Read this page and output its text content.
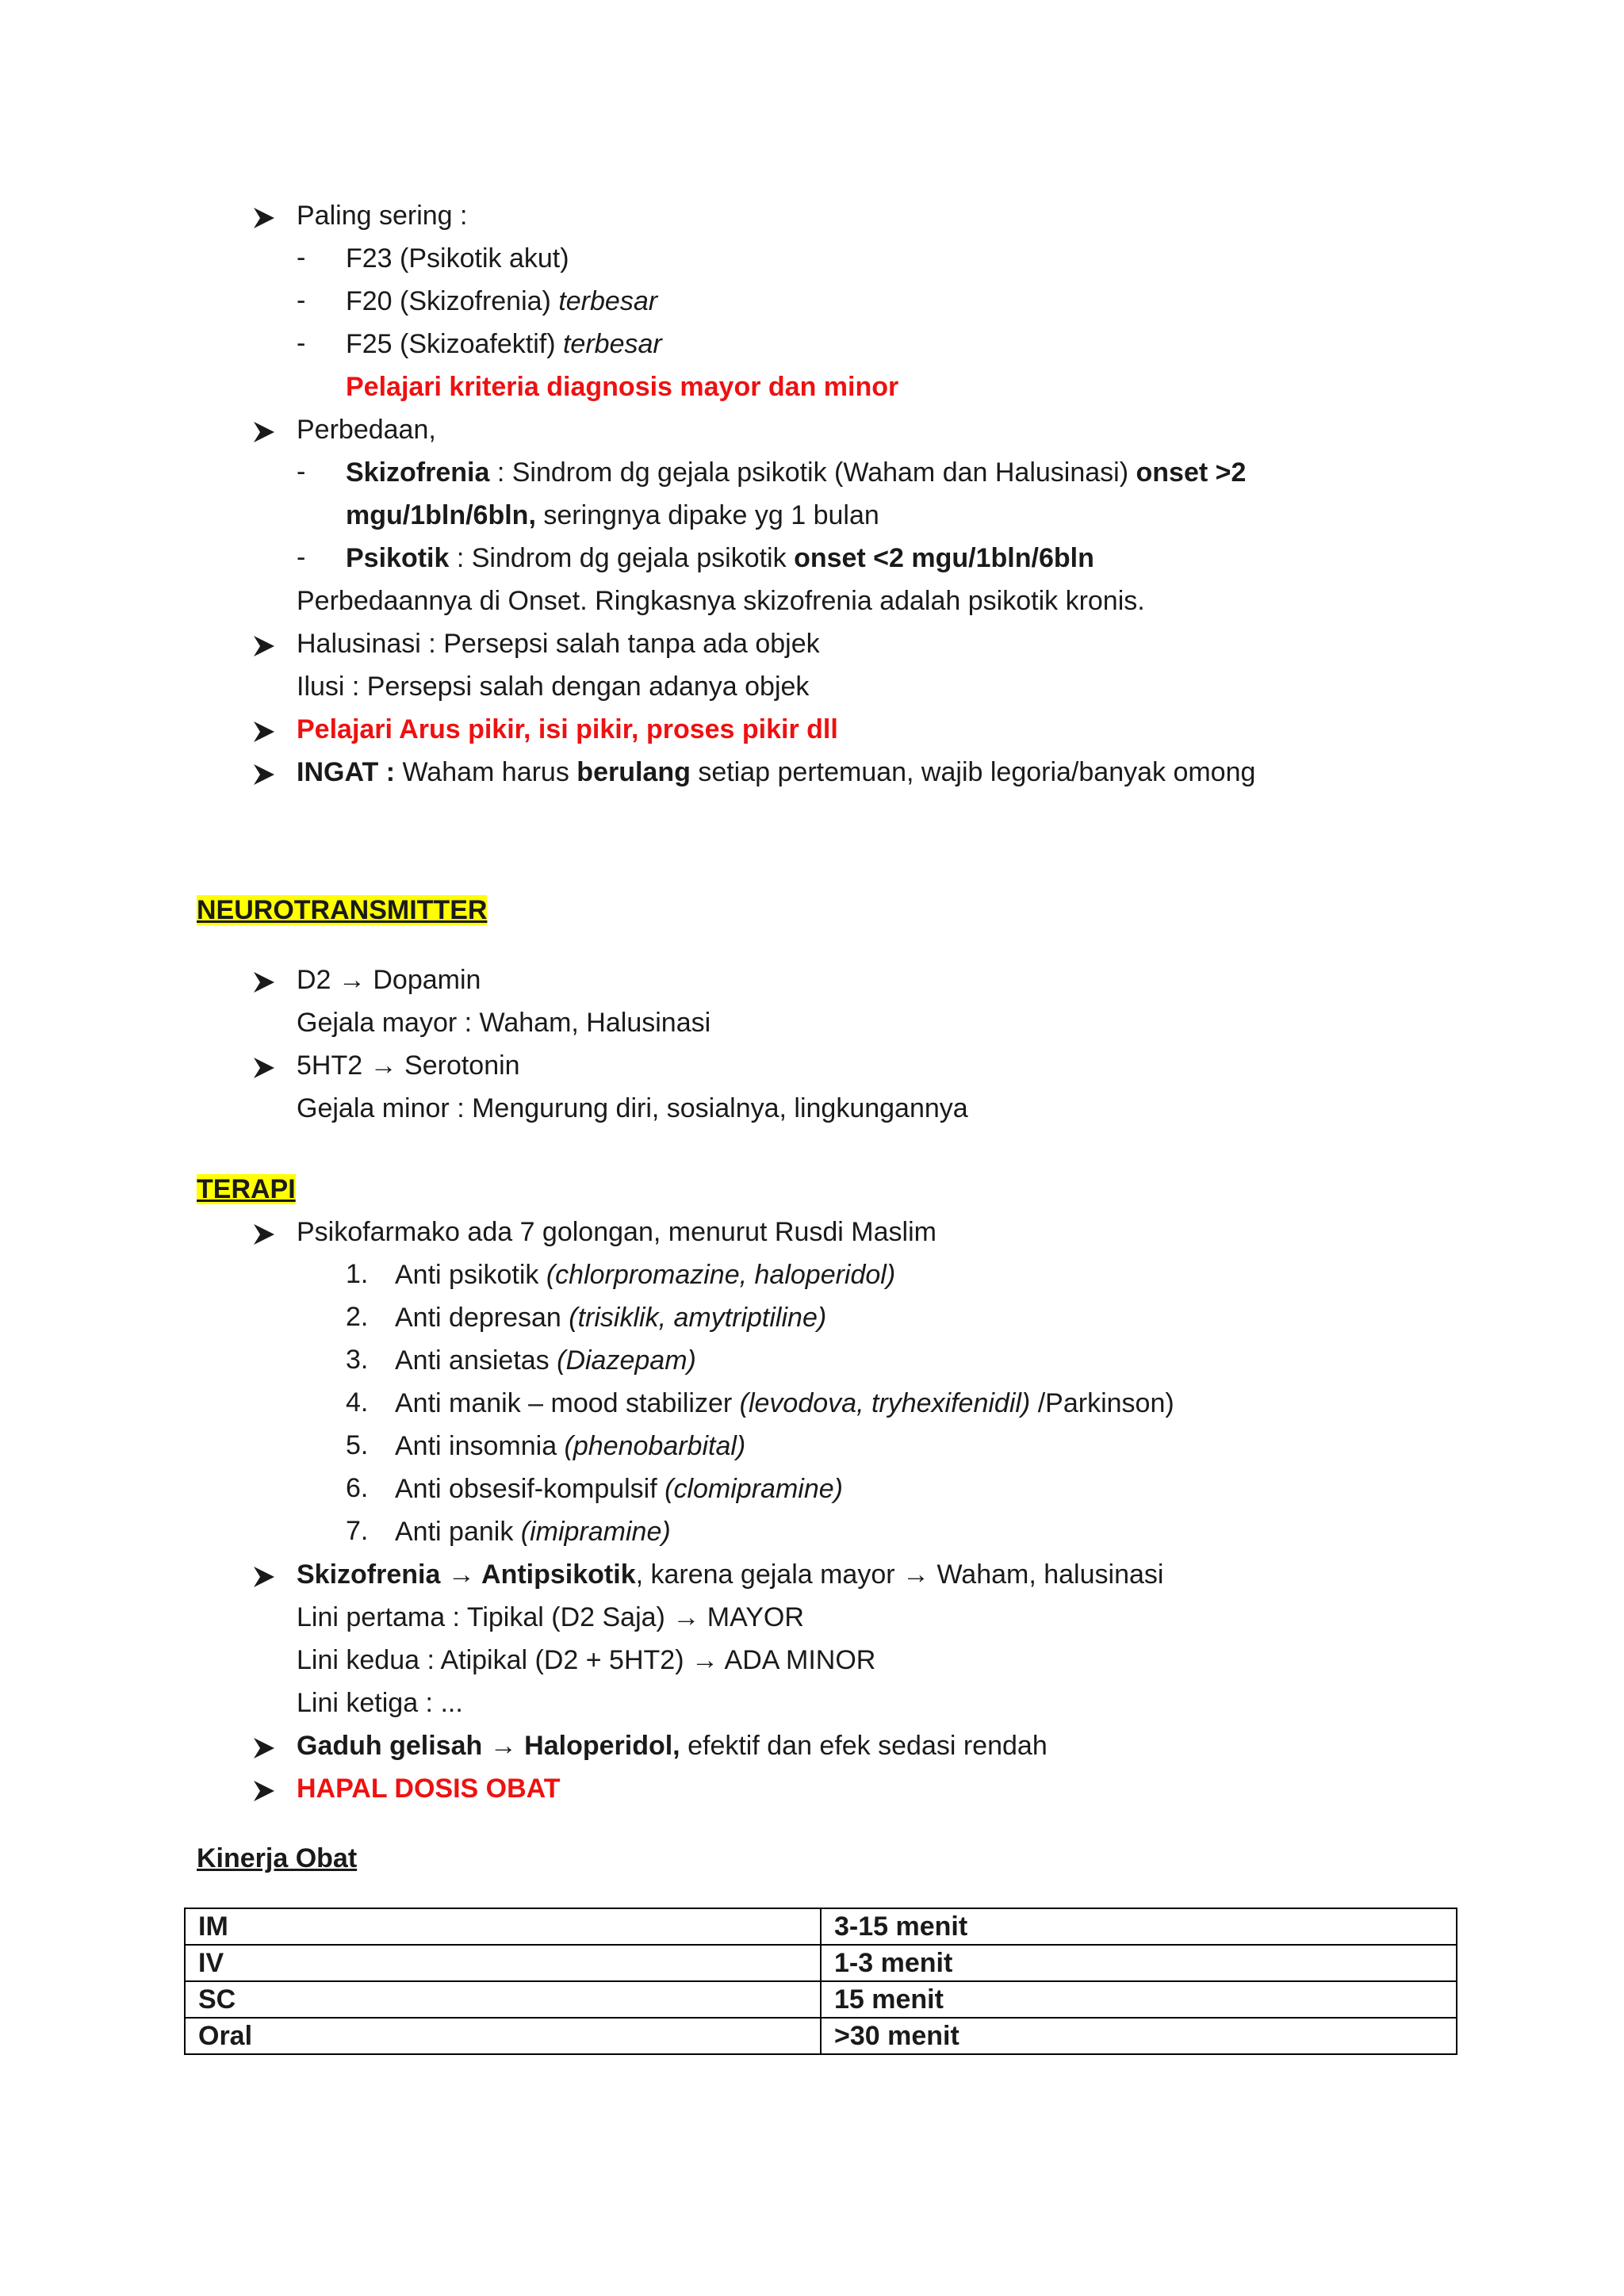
Paling sering :
- F23 (Psikotik akut)
- F20 (Skizofrenia) terbesar
- F25 (Skizoafektif) terbesar
Pelajari kriteria diagnosis mayor dan minor
Perbedaan,
- Skizofrenia : Sindrom dg gejala psikotik (Waham dan Halusinasi) onset >2
mgu/1bln/6bln, seringnya dipake yg 1 bulan
- Psikotik : Sindrom dg gejala psikotik onset <2 mgu/1bln/6bln
Perbedaannya di Onset. Ringkasnya skizofrenia adalah psikotik kronis.
Halusinasi : Persepsi salah tanpa ada objek
Ilusi : Persepsi salah dengan adanya objek
Pelajari Arus pikir, isi pikir, proses pikir dll
INGAT : Waham harus berulang setiap pertemuan, wajib legoria/banyak omong
NEUROTRANSMITTER
D2 → Dopamin
Gejala mayor : Waham, Halusinasi
5HT2 → Serotonin
Gejala minor : Mengurung diri, sosialnya, lingkungannya
TERAPI
Psikofarmako ada 7 golongan, menurut Rusdi Maslim
1. Anti psikotik (chlorpromazine, haloperidol)
2. Anti depresan (trisiklik, amytriptiline)
3. Anti ansietas (Diazepam)
4. Anti manik – mood stabilizer (levodova, tryhexifenidil) /Parkinson)
5. Anti insomnia (phenobarbital)
6. Anti obsesif-kompulsif (clomipramine)
7. Anti panik (imipramine)
Skizofrenia → Antipsikotik, karena gejala mayor → Waham, halusinasi
Lini pertama : Tipikal (D2 Saja) → MAYOR
Lini kedua : Atipikal (D2 + 5HT2) → ADA MINOR
Lini ketiga : ...
Gaduh gelisah → Haloperidol, efektif dan efek sedasi rendah
HAPAL DOSIS OBAT
Kinerja Obat
IM	3-15 menit
IV	1-3 menit
SC	15 menit
Oral	>30 menit
